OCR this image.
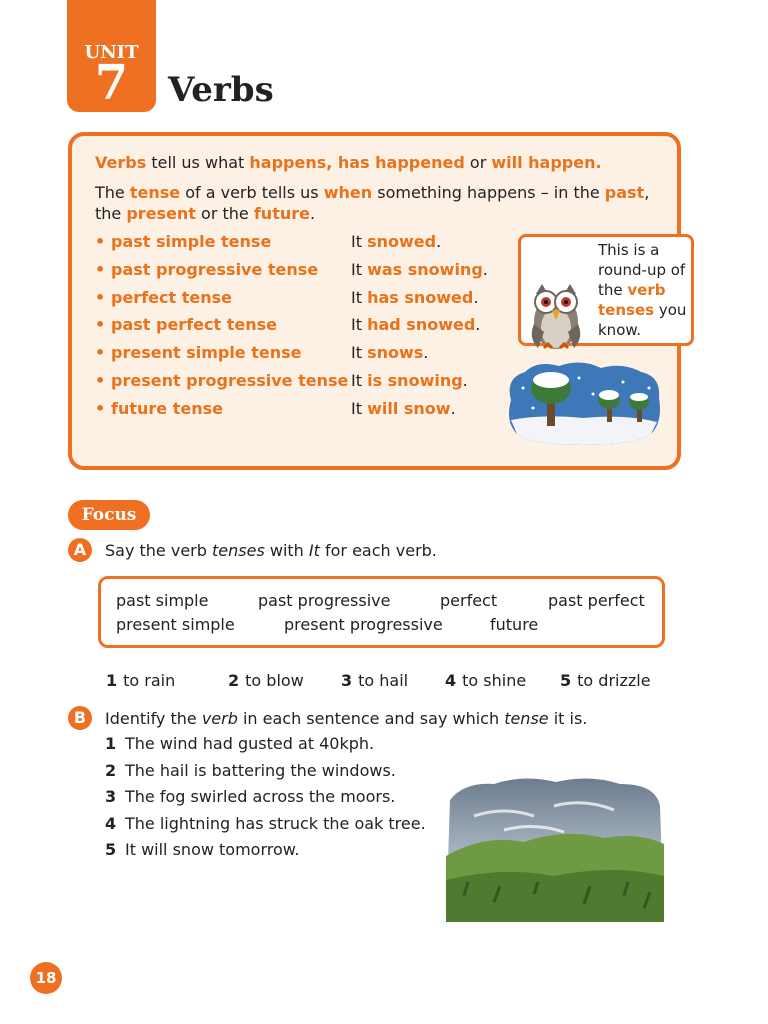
UNIT
7	Verbs
Verbs tell us what happens, has happened or will happen.
The tense of a verb tells us when something happens – in the past, the present or the future.
• past simple tense	It snowed.
• past progressive tense It was snowing.
• perfect tense	It has snowed.
• past perfect tense	It had snowed.
• present simple tense	It snows.
• present progressive tense It is snowing.
• future tense	It will snow.
This is a round-up of the verb tenses you know.
Focus
A	Say the verb tenses with It for each verb.
past simple	past progressive	perfect	past perfect
present simple	present progressive	future
1 to rain	2 to blow 3 to hail 4 to shine 5 to drizzle
B	Identify the verb in each sentence and say which tense it is.
1 The wind had gusted at 40kph.
2 The hail is battering the windows.
3 The fog swirled across the moors.
4 The lightning has struck the oak tree.
5 It will snow tomorrow.
18
